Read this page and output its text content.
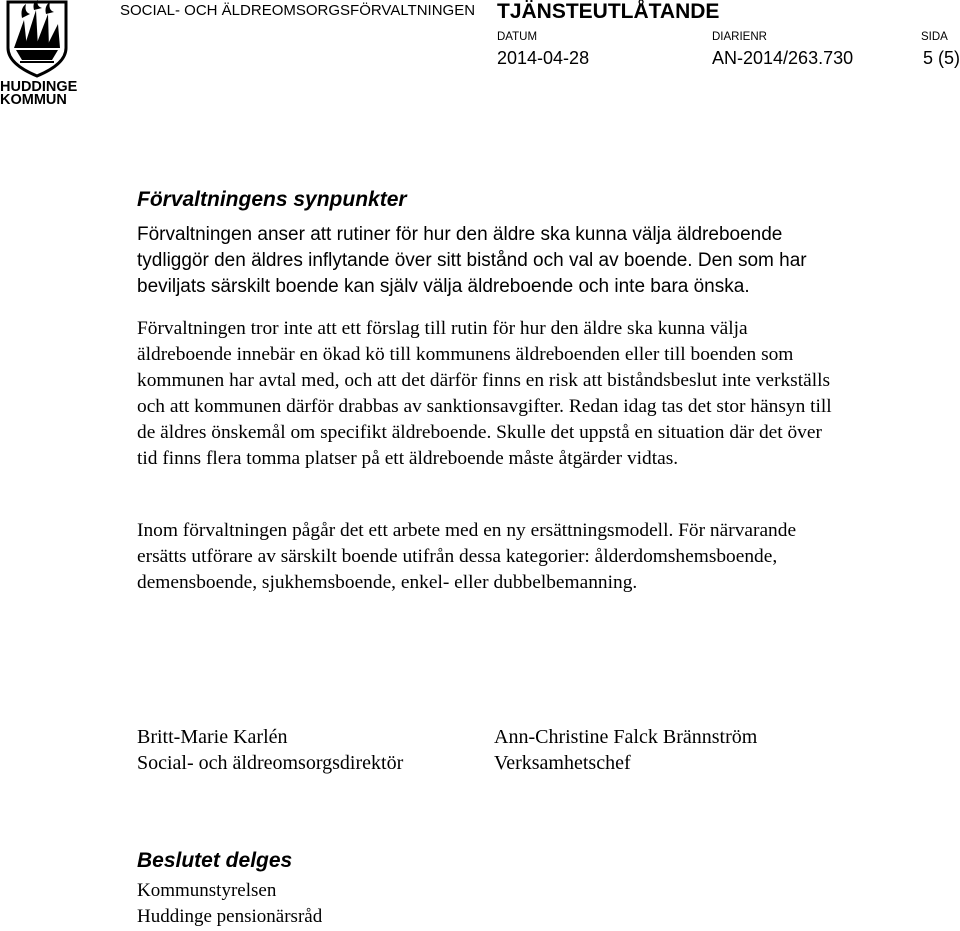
HUDDINGE
KOMMUN
SOCIAL- OCH ÄLDREOMSORGSFÖRVALTNINGEN TJÄNSTEUTLÅTANDE
DATUM
2014-04-28
DIARIENR
AN-2014/263.730
SIDA
5 (5)
Förvaltningens synpunkter

Förvaltningen anser att rutiner för hur den äldre ska kunna välja äldreboende tydliggör den äldres inflytande över sitt bistånd och val av boende. Den som har beviljats särskilt boende kan själv välja äldreboende och inte bara önska.

Förvaltningen tror inte att ett förslag till rutin för hur den äldre ska kunna välja äldreboende innebär en ökad kö till kommunens äldreboenden eller till boenden som kommunen har avtal med, och att det därför finns en risk att biståndsbeslut inte verkställs och att kommunen därför drabbas av sanktionsavgifter. Redan idag tas det stor hänsyn till de äldres önskemål om specifikt äldreboende. Skulle det uppstå en situation där det över tid finns flera tomma platser på ett äldreboende måste åtgärder vidtas.

Inom förvaltningen pågår det ett arbete med en ny ersättningsmodell. För närvarande ersätts utförare av särskilt boende utifrån dessa kategorier: ålderdomshemsboende, demensboende, sjukhemsboende, enkel- eller dubbelbemanning.

Britt-Marie Karlén
Social- och äldreomsorgsdirektör
Ann-Christine Falck Brännström
Verksamhetschef
Beslutet delges
Kommunstyrelsen
Huddinge pensionärsråd
